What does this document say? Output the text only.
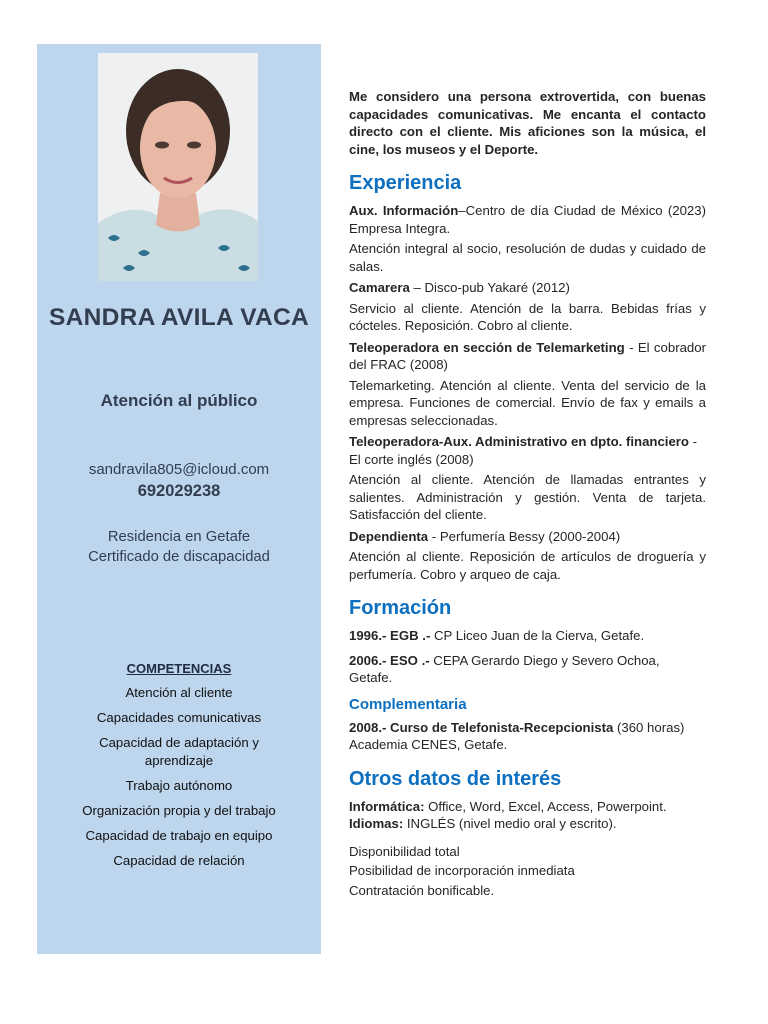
SANDRA AVILA VACA
Atención al público
sandravila805@icloud.com
692029238
Residencia en Getafe
Certificado de discapacidad
COMPETENCIAS
Atención al cliente
Capacidades comunicativas
Capacidad de adaptación y aprendizaje
Trabajo autónomo
Organización propia y del trabajo
Capacidad de trabajo en equipo
Capacidad de relación

Me considero una persona extrovertida, con buenas capacidades comunicativas. Me encanta el contacto directo con el cliente. Mis aficiones son la música, el cine, los museos y el Deporte.

Experiencia

Aux. Información–Centro de día Ciudad de México (2023) Empresa Integra.

Atención integral al socio, resolución de dudas y cuidado de salas.

Camarera – Disco-pub Yakaré (2012)

Servicio al cliente. Atención de la barra. Bebidas frías y cócteles. Reposición. Cobro al cliente.

Teleoperadora en sección de Telemarketing - El cobrador del FRAC (2008)

Telemarketing. Atención al cliente. Venta del servicio de la empresa. Funciones de comercial. Envío de fax y emails a empresas seleccionadas.

Teleoperadora-Aux. Administrativo en dpto. financiero - El corte inglés (2008)

Atención al cliente. Atención de llamadas entrantes y salientes. Administración y gestión. Venta de tarjeta. Satisfacción del cliente.

Dependienta - Perfumería Bessy (2000-2004)

Atención al cliente. Reposición de artículos de droguería y perfumería. Cobro y arqueo de caja.

Formación

1996.- EGB .- CP Liceo Juan de la Cierva, Getafe.

2006.- ESO .- CEPA Gerardo Diego y Severo Ochoa, Getafe.

Complementaria

2008.- Curso de Telefonista-Recepcionista (360 horas) Academia CENES, Getafe.

Otros datos de interés

Informática: Office, Word, Excel, Access, Powerpoint.

Idiomas: INGLÉS (nivel medio oral y escrito).

Disponibilidad total

Posibilidad de incorporación inmediata

Contratación bonificable.
